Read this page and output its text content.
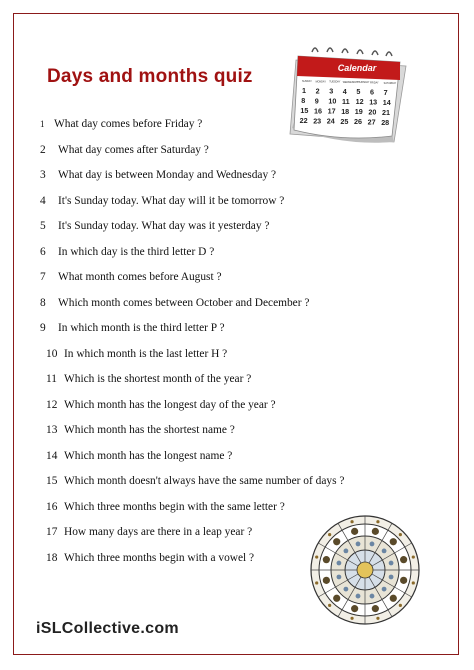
Days and months quiz	Calendar
SUNDAY MONDAY TUESDAY WEDNESDAY
THURSDAY FRIDAY SATURDAY
1 2 3 4 5 6 7
8 9 10 11 12 13 14
15 16 17 18 19 20 21
22 23 24 25 26 27 28
1 What day comes before Friday ?
2 What day comes after Saturday ?
3 What day is between Monday and Wednesday ?
4 It's Sunday today. What day will it be tomorrow ?
5 It's Sunday today. What day was it yesterday ?
6 In which day is the third letter D ?
7 What month comes before August ?
8 Which month comes between October and December ?
9 In which month is the third letter P ?
10 In which month is the last letter H ?
11 Which is the shortest month of the year ?
12 Which month has the longest day of the year ?
13 Which month has the shortest name ?
14 Which month has the longest name ?
15 Which month doesn't always have the same number of days ?
16 Which three months begin with the same letter ?
17 How many days are there in a leap year ?
18 Which three months begin with a vowel ?
iSLCollective.com
